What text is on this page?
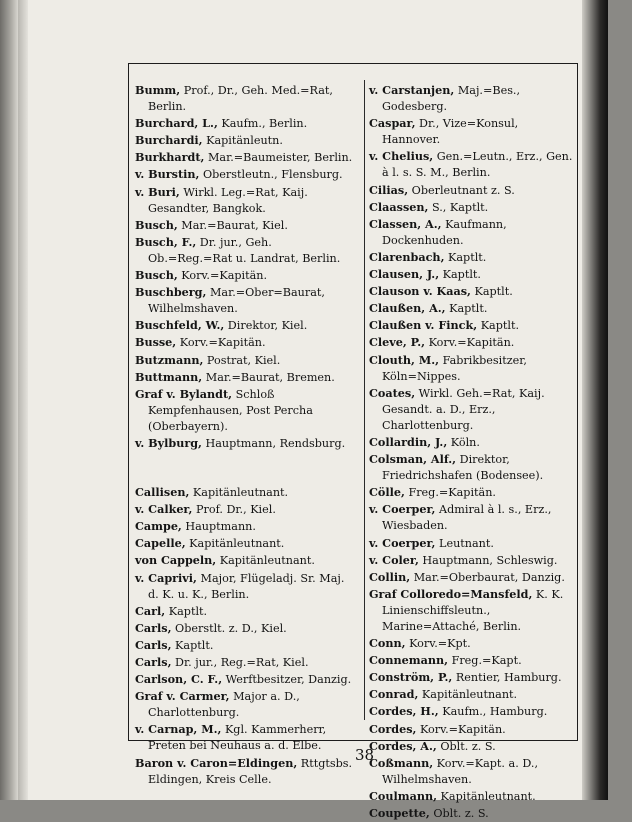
Bumm, Prof., Dr., Geh. Med.=Rat, Berlin.
Burchard, L., Kaufm., Berlin.
Burchardi, Kapitänleutn.
Burkhardt, Mar.=Baumeister, Berlin.
v. Burstin, Oberstleutn., Flensburg.
v. Buri, Wirkl. Leg.=Rat, Kaij. Gesandter, Bangkok.
Busch, Mar.=Baurat, Kiel.
Busch, F., Dr. jur., Geh. Ob.=Reg.=Rat u. Landrat, Berlin.
Busch, Korv.=Kapitän.
Buschberg, Mar.=Ober=Baurat, Wilhelmshaven.
Buschfeld, W., Direktor, Kiel.
Busse, Korv.=Kapitän.
Butzmann, Postrat, Kiel.
Buttmann, Mar.=Baurat, Bremen.
Graf v. Bylandt, Schloß Kempfenhausen, Post Percha (Oberbayern).
v. Bylburg, Hauptmann, Rendsburg.
Callisen, Kapitänleutnant.
v. Calker, Prof. Dr., Kiel.
Campe, Hauptmann.
Capelle, Kapitänleutnant.
von Cappeln, Kapitänleutnant.
v. Caprivi, Major, Flügeladj. Sr. Maj. d. K. u. K., Berlin.
Carl, Kaptlt.
Carls, Oberstlt. z. D., Kiel.
Carls, Kaptlt.
Carls, Dr. jur., Reg.=Rat, Kiel.
Carlson, C. F., Werftbesitzer, Danzig.
Graf v. Carmer, Major a. D., Charlottenburg.
v. Carnap, M., Kgl. Kammerherr, Preten bei Neuhaus a. d. Elbe.
Baron v. Caron=Eldingen, Rttgtsbs. Eldingen, Kreis Celle.
v. Carstanjen, Maj.=Bes., Godesberg.
Caspar, Dr., Vize=Konsul, Hannover.
v. Chelius, Gen.=Leutn., Erz., Gen. à l. s. S. M., Berlin.
Cilias, Oberleutnant z. S.
Claassen, S., Kaptlt.
Classen, A., Kaufmann, Dockenhuden.
Clarenbach, Kaptlt.
Clausen, J., Kaptlt.
Clauson v. Kaas, Kaptlt.
Claußen, A., Kaptlt.
Claußen v. Finck, Kaptlt.
Cleve, P., Korv.=Kapitän.
Clouth, M., Fabrikbesitzer, Köln=Nippes.
Coates, Wirkl. Geh.=Rat, Kaij. Gesandt. a. D., Erz., Charlottenburg.
Collardin, J., Köln.
Colsman, Alf., Direktor, Friedrichshafen (Bodensee).
Cölle, Freg.=Kapitän.
v. Coerper, Admiral à l. s., Erz., Wiesbaden.
v. Coerper, Leutnant.
v. Coler, Hauptmann, Schleswig.
Collin, Mar.=Oberbaurat, Danzig.
Graf Colloredo=Mansfeld, K. K. Linienschiffsleutn., Marine=Attaché, Berlin.
Conn, Korv.=Kpt.
Connemann, Freg.=Kapt.
Conström, P., Rentier, Hamburg.
Conrad, Kapitänleutnant.
Cordes, H., Kaufm., Hamburg.
Cordes, Korv.=Kapitän.
Cordes, A., Oblt. z. S.
Coßmann, Korv.=Kapt. a. D., Wilhelmshaven.
Coulmann, Kapitänleutnant.
Coupette, Oblt. z. S.
38
